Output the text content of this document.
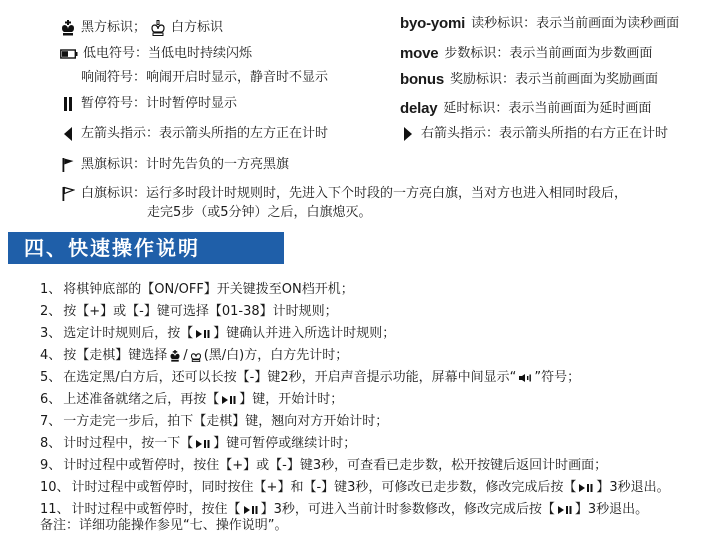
黑方标识； 白方标识
低电符号：当低电时持续闪烁
响闹符号：响闹开启时显示，静音时不显示
暂停符号：计时暂停时显示
左箭头指示：表示箭头所指的左方正在计时
黑旗标识：计时先告负的一方亮黑旗
白旗标识：运行多时段计时规则时，先进入下个时段的一方亮白旗，当对方也进入相同时段后，
走完5步（或5分钟）之后，白旗熄灭。
byo-yomi 读秒标识：表示当前画面为读秒画面
move 步数标识：表示当前画面为步数画面
bonus 奖励标识：表示当前画面为奖励画面
delay 延时标识：表示当前画面为延时画面
右箭头指示：表示箭头所指的右方正在计时
四、快速操作说明
1、 将棋钟底部的【ON/OFF】开关键拨至ON档开机；
2、 按【+】或【-】键可选择【01-38】计时规则；
3、 选定计时规则后，按【 】键确认并进入所选计时规则；
4、 按【走棋】键选择 / (黑/白)方，白方先计时；
5、 在选定黑/白方后，还可以长按【-】键2秒，开启声音提示功能，屏幕中间显示“ ”符号；
6、 上述准备就绪之后，再按【 】键，开始计时；
7、 一方走完一步后，拍下【走棋】键，翘向对方开始计时；
8、 计时过程中，按一下【 】键可暂停或继续计时；
9、 计时过程中或暂停时，按住【+】或【-】键3秒，可查看已走步数，松开按键后返回计时画面；
10、 计时过程中或暂停时，同时按住【+】和【-】键3秒，可修改已走步数，修改完成后按【 】3秒退出。
11、 计时过程中或暂停时，按住【 】3秒，可进入当前计时参数修改，修改完成后按【 】3秒退出。
备注：详细功能操作参见“七、操作说明”。
